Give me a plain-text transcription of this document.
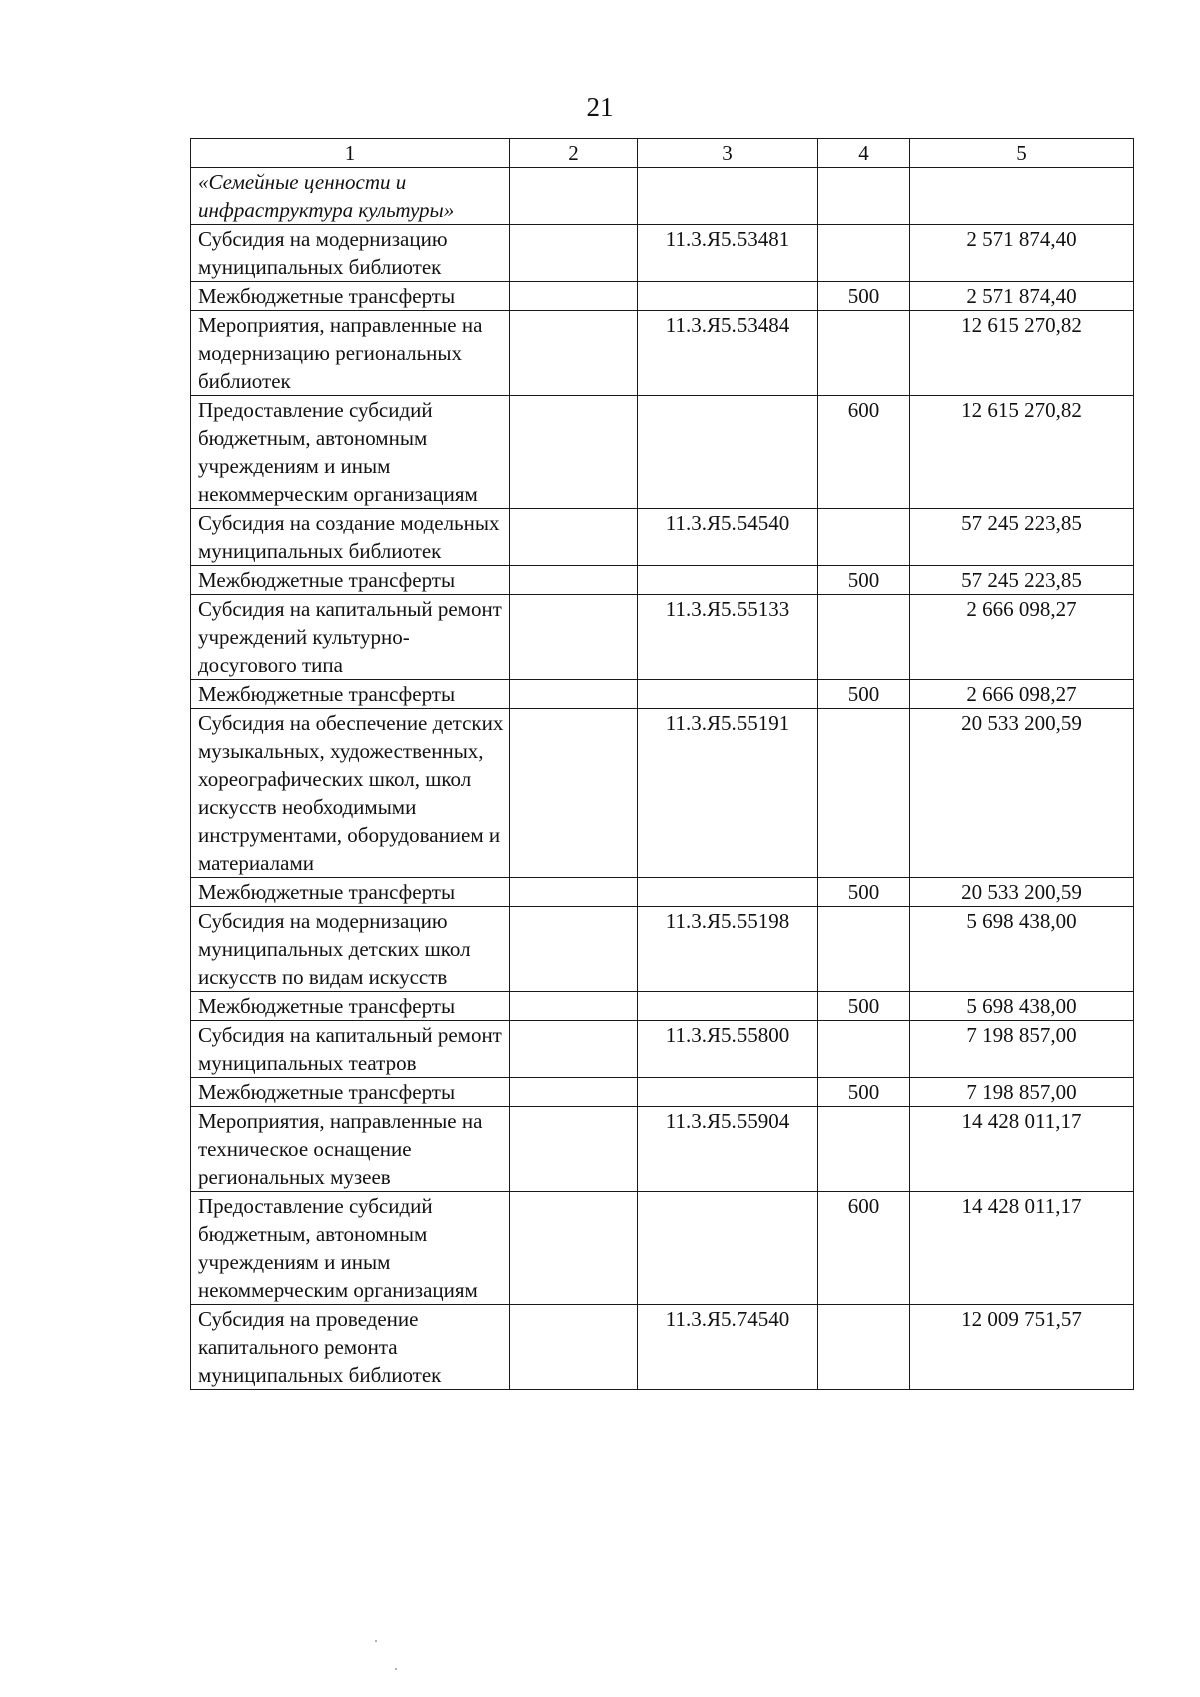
21
1	2	3	4	5
«Семейные ценности и инфраструктура культуры»				
Субсидия на модернизацию муниципальных библиотек		11.3.Я5.53481		2 571 874,40
Межбюджетные трансферты			500	2 571 874,40
Мероприятия, направленные на модернизацию региональных библиотек		11.3.Я5.53484		12 615 270,82
Предоставление субсидий бюджетным, автономным учреждениям и иным некоммерческим организациям			600	12 615 270,82
Субсидия на создание модельных муниципальных библиотек		11.3.Я5.54540		57 245 223,85
Межбюджетные трансферты			500	57 245 223,85
Субсидия на капитальный ремонт учреждений культурно-досугового типа		11.3.Я5.55133		2 666 098,27
Межбюджетные трансферты			500	2 666 098,27
Субсидия на обеспечение детских музыкальных, художественных, хореографических школ, школ искусств необходимыми инструментами, оборудованием и материалами		11.3.Я5.55191		20 533 200,59
Межбюджетные трансферты			500	20 533 200,59
Субсидия на модернизацию муниципальных детских школ искусств по видам искусств		11.3.Я5.55198		5 698 438,00
Межбюджетные трансферты			500	5 698 438,00
Субсидия на капитальный ремонт муниципальных театров		11.3.Я5.55800		7 198 857,00
Межбюджетные трансферты			500	7 198 857,00
Мероприятия, направленные на техническое оснащение региональных музеев		11.3.Я5.55904		14 428 011,17
Предоставление субсидий бюджетным, автономным учреждениям и иным некоммерческим организациям			600	14 428 011,17
Субсидия на проведение капитального ремонта муниципальных библиотек		11.3.Я5.74540		12 009 751,57
